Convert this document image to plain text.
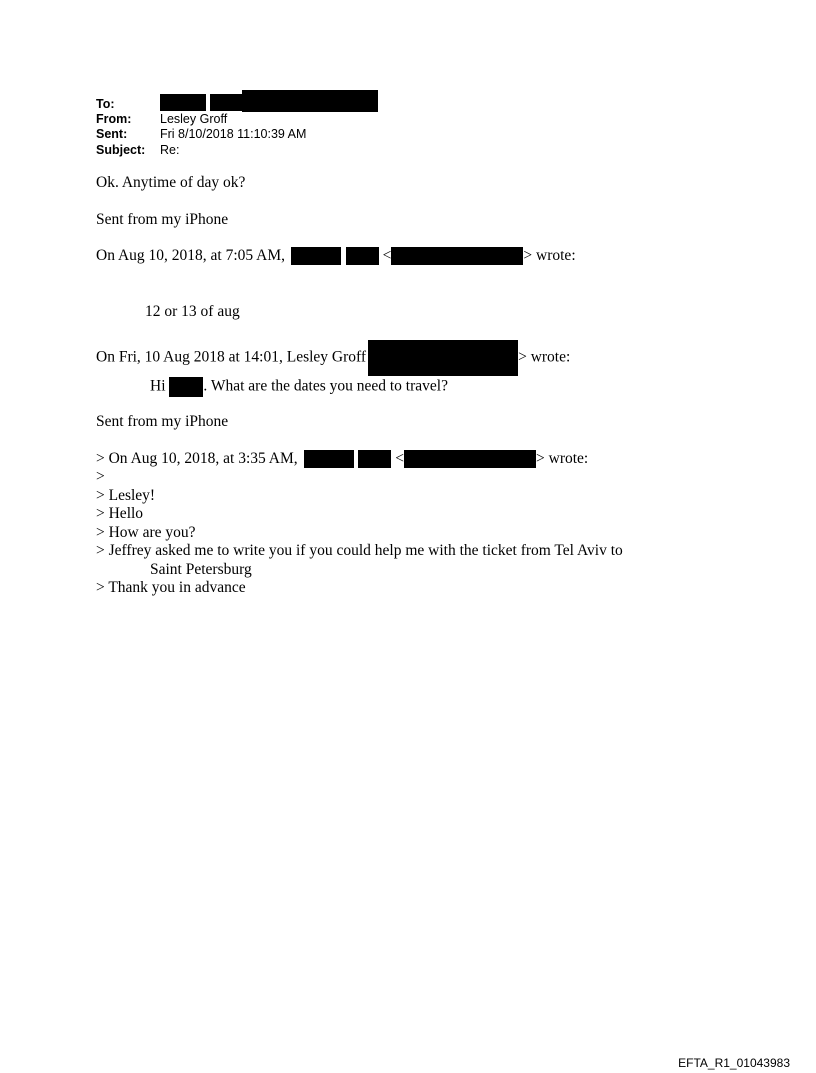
To:
From: Lesley Groff
Sent:	Fri 8/10/2018 11:10:39 AM
Subject: Re:
Ok. Anytime of day ok?
Sent from my iPhone
On Aug 10, 2018, at 7:05 AM,	<	> wrote:
12 or 13 of aug
On Fri, 10 Aug 2018 at 14:01, Lesley Groff	> wrote:
Hi . What are the dates you need to travel?
Sent from my iPhone
> On Aug 10, 2018, at 3:35 AM,	<	> wrote:
>
> Lesley!
> Hello
> How are you?
> Jeffrey asked me to write you if you could help me with the ticket from Tel Aviv to
Saint Petersburg
> Thank you in advance
EFTA_R1_01043983
